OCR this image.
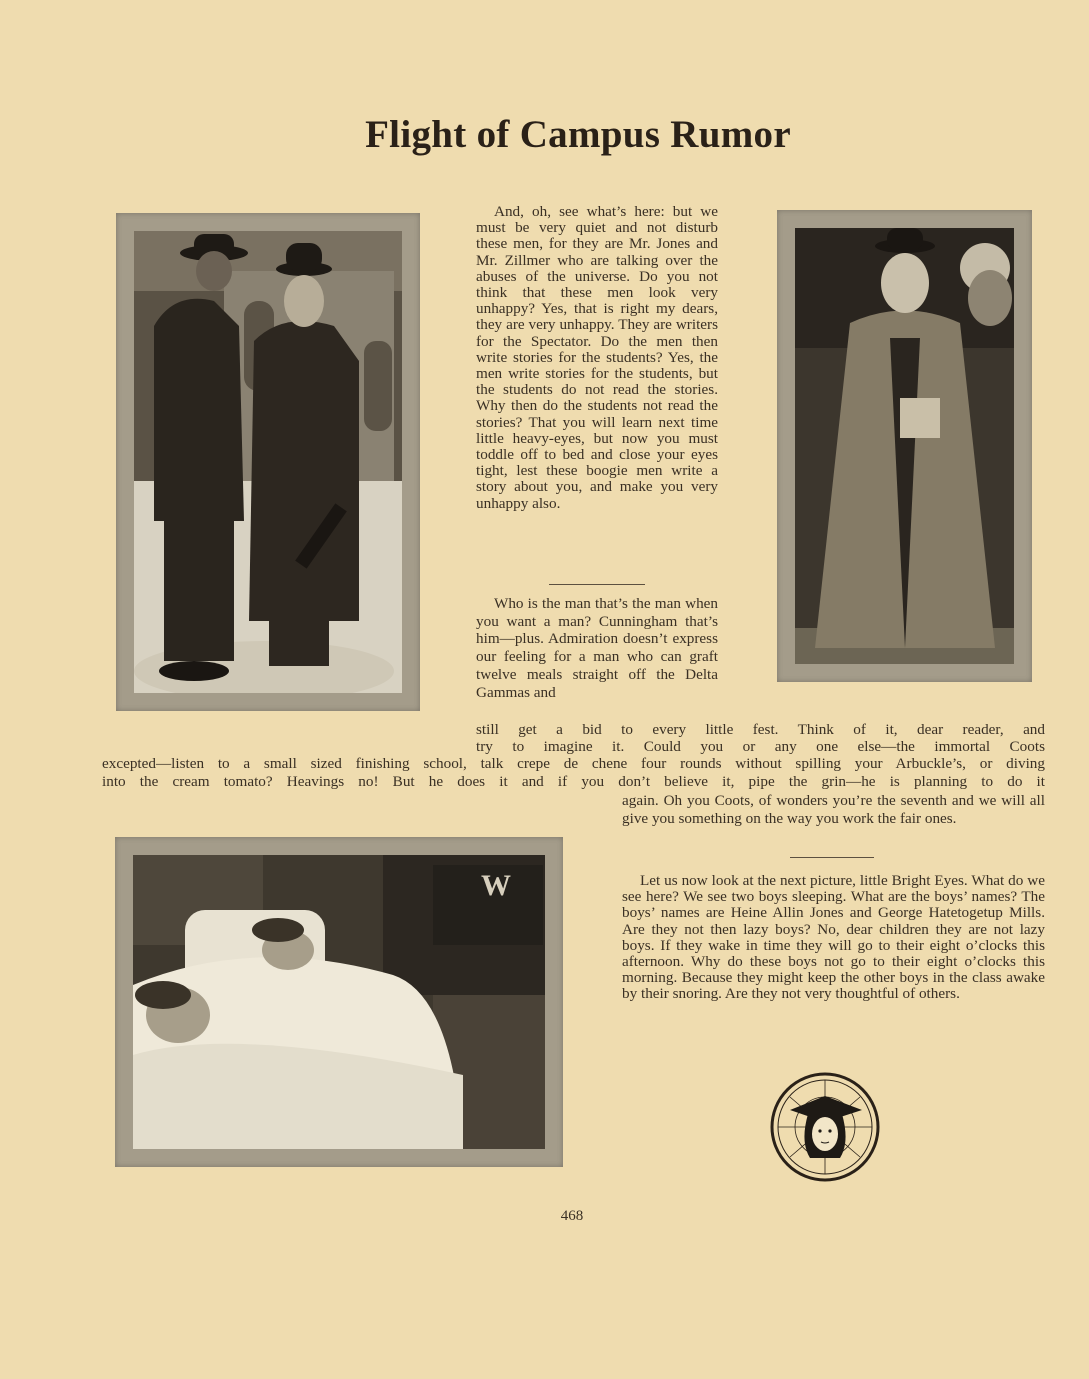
Flight of Campus Rumor
W

And, oh, see what’s here: but we must be very quiet and not disturb these men, for they are Mr. Jones and Mr. Zillmer who are talking over the abuses of the universe. Do you not think that these men look very unhappy? Yes, that is right my dears, they are very unhappy. They are writers for the Spectator. Do the men then write stories for the students? Yes, the men write stories for the students, but the students do not read the stories. Why then do the students not read the stories? That you will learn next time little heavy-eyes, but now you must toddle off to bed and close your eyes tight, lest these boogie men write a story about you, and make you very unhappy also.

Who is the man that’s the man when you want a man? Cunningham that’s him—plus. Admiration doesn’t express our feeling for a man who can graft twelve meals straight off the Delta Gammas and

still get a bid to every little fest. Think of it, dear reader, and
try to imagine it. Could you or any one else—the immortal Coots
excepted—listen to a small sized finishing school, talk crepe de chene four rounds without spilling your Arbuckle’s, or diving
into the cream tomato? Heavings no! But he does it and if you don’t believe it, pipe the grin—he is planning to do it

again. Oh you Coots, of wonders you’re the seventh and we will all give you something on the way you work the fair ones.

Let us now look at the next picture, little Bright Eyes. What do we see here? We see two boys sleeping. What are the boys’ names? The boys’ names are Heine Allin Jones and George Hatetogetup Mills. Are they not then lazy boys? No, dear children they are not lazy boys. If they wake in time they will go to their eight o’clocks this afternoon. Why do these boys not go to their eight o’clocks this morning. Because they might keep the other boys in the class awake by their snoring. Are they not very thoughtful of others.

468
